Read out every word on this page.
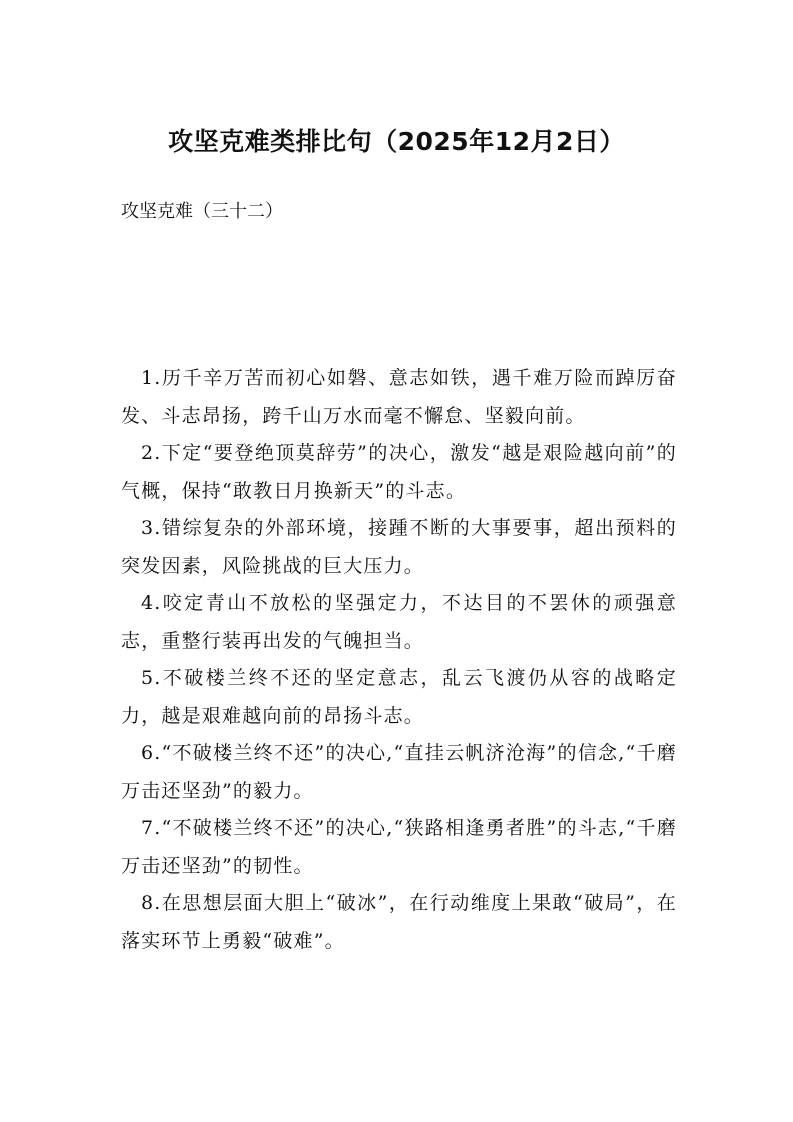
攻坚克难类排比句（2025年12月2日）

攻坚克难（三十二）

1.历千辛万苦而初心如磐、意志如铁，遇千难万险而踔厉奋发、斗志昂扬，跨千山万水而毫不懈怠、坚毅向前。
2.下定“要登绝顶莫辞劳”的决心，激发“越是艰险越向前”的气概，保持“敢教日月换新天”的斗志。
3.错综复杂的外部环境，接踵不断的大事要事，超出预料的突发因素，风险挑战的巨大压力。
4.咬定青山不放松的坚强定力，不达目的不罢休的顽强意志，重整行装再出发的气魄担当。
5.不破楼兰终不还的坚定意志，乱云飞渡仍从容的战略定力，越是艰难越向前的昂扬斗志。
6.“不破楼兰终不还”的决心,“直挂云帆济沧海”的信念,“千磨万击还坚劲”的毅力。
7.“不破楼兰终不还”的决心,“狭路相逢勇者胜”的斗志,“千磨万击还坚劲”的韧性。
8.在思想层面大胆上“破冰”，在行动维度上果敢“破局”，在落实环节上勇毅“破难”。
